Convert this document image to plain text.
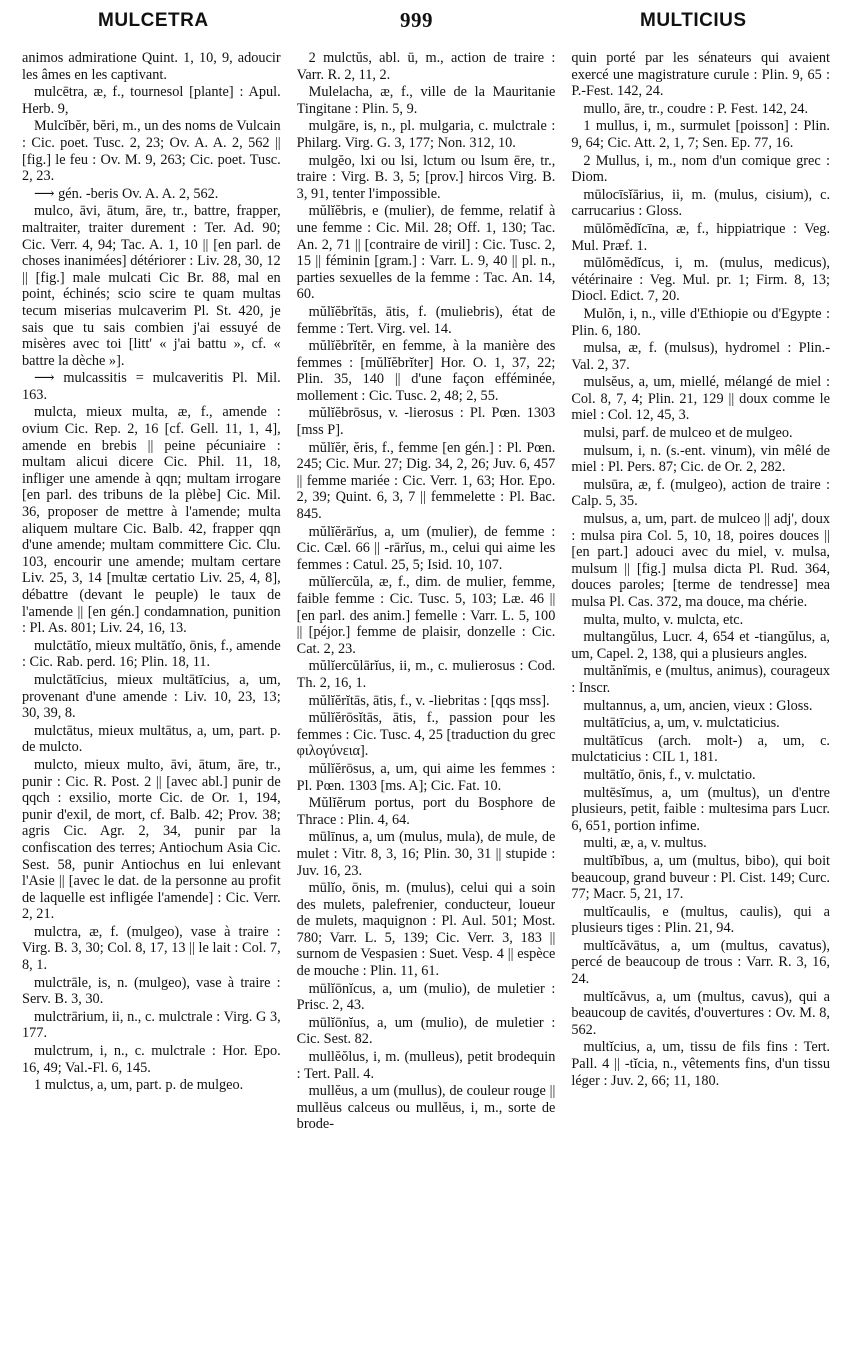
MULCETRA	999	MULTICIUS

animos admiratione Quint. 1, 10, 9, adoucir les âmes en les captivant.

mulcētra, æ, f., tournesol [plante] : Apul. Herb. 9,

Mulcĭbĕr, bĕri, m., un des noms de Vulcain : Cic. poet. Tusc. 2, 23; Ov. A. A. 2, 562 || [fig.] le feu : Ov. M. 9, 263; Cic. poet. Tusc. 2, 23.

⟶ gén. -beris Ov. A. A. 2, 562.

mulco, āvi, ātum, āre, tr., battre, frapper, maltraiter, traiter durement : Ter. Ad. 90; Cic. Verr. 4, 94; Tac. A. 1, 10 || [en parl. de choses inanimées] détériorer : Liv. 28, 30, 12 || [fig.] male mulcati Cic Br. 88, mal en point, échinés; scio scire te quam multas tecum miserias mulcaverim Pl. St. 420, je sais que tu sais combien j'ai essuyé de misères avec toi [litt' « j'ai battu », cf. « battre la dèche »].

⟶ mulcassitis = mulcaveritis Pl. Mil. 163.

mulcta, mieux multa, æ, f., amende : ovium Cic. Rep. 2, 16 [cf. Gell. 11, 1, 4], amende en brebis || peine pécuniaire : multam alicui dicere Cic. Phil. 11, 18, infliger une amende à qqn; multam irrogare [en parl. des tribuns de la plèbe] Cic. Mil. 36, proposer de mettre à l'amende; multa aliquem multare Cic. Balb. 42, frapper qqn d'une amende; multam committere Cic. Clu. 103, encourir une amende; multam certare Liv. 25, 3, 14 [multæ certatio Liv. 25, 4, 8], débattre (devant le peuple) le taux de l'amende || [en gén.] condamnation, punition : Pl. As. 801; Liv. 24, 16, 13.

mulctātĭo, mieux multātĭo, ōnis, f., amende : Cic. Rab. perd. 16; Plin. 18, 11.

mulctātīcius, mieux multātīcius, a, um, provenant d'une amende : Liv. 10, 23, 13; 30, 39, 8.

mulctātus, mieux multātus, a, um, part. p. de mulcto.

mulcto, mieux multo, āvi, ātum, āre, tr., punir : Cic. R. Post. 2 || [avec abl.] punir de qqch : exsilio, morte Cic. de Or. 1, 194, punir d'exil, de mort, cf. Balb. 42; Prov. 38; agris Cic. Agr. 2, 34, punir par la confiscation des terres; Antiochum Asia Cic. Sest. 58, punir Antiochus en lui enlevant l'Asie || [avec le dat. de la personne au profit de laquelle est infligée l'amende] : Cic. Verr. 2, 21.

mulctra, æ, f. (mulgeo), vase à traire : Virg. B. 3, 30; Col. 8, 17, 13 || le lait : Col. 7, 8, 1.

mulctrāle, is, n. (mulgeo), vase à traire : Serv. B. 3, 30.

mulctrārium, ii, n., c. mulctrale : Virg. G 3, 177.

mulctrum, i, n., c. mulctrale : Hor. Epo. 16, 49; Val.-Fl. 6, 145.

1 mulctus, a, um, part. p. de mulgeo.

2 mulctŭs, abl. ū, m., action de traire : Varr. R. 2, 11, 2.

Mulelacha, æ, f., ville de la Mauritanie Tingitane : Plin. 5, 9.

mulgāre, is, n., pl. mulgaria, c. mulctrale : Philarg. Virg. G. 3, 177; Non. 312, 10.

mulgĕo, lxi ou lsi, lctum ou lsum ēre, tr., traire : Virg. B. 3, 5; [prov.] hircos Virg. B. 3, 91, tenter l'impossible.

mŭlĭĕbris, e (mulier), de femme, relatif à une femme : Cic. Mil. 28; Off. 1, 130; Tac. An. 2, 71 || [contraire de viril] : Cic. Tusc. 2, 15 || féminin [gram.] : Varr. L. 9, 40 || pl. n., parties sexuelles de la femme : Tac. An. 14, 60.

mŭlĭĕbrĭtās, ātis, f. (muliebris), état de femme : Tert. Virg. vel. 14.

mŭlĭĕbrĭtĕr, en femme, à la manière des femmes : [mŭlĭĕbrĭter] Hor. O. 1, 37, 22; Plin. 35, 140 || d'une façon efféminée, mollement : Cic. Tusc. 2, 48; 2, 55.

mŭlĭĕbrōsus, v. -lierosus : Pl. Pœn. 1303 [mss P].

mŭlĭĕr, ĕris, f., femme [en gén.] : Pl. Pœn. 245; Cic. Mur. 27; Dig. 34, 2, 26; Juv. 6, 457 || femme mariée : Cic. Verr. 1, 63; Hor. Epo. 2, 39; Quint. 6, 3, 7 || femmelette : Pl. Bac. 845.

mŭlĭĕrārĭus, a, um (mulier), de femme : Cic. Cæl. 66 || -rārĭus, m., celui qui aime les femmes : Catul. 25, 5; Isid. 10, 107.

mŭlĭercŭla, æ, f., dim. de mulier, femme, faible femme : Cic. Tusc. 5, 103; Læ. 46 || [en parl. des anim.] femelle : Varr. L. 5, 100 || [péjor.] femme de plaisir, donzelle : Cic. Cat. 2, 23.

mŭlĭercŭlārĭus, ii, m., c. mulierosus : Cod. Th. 2, 16, 1.

mŭlĭĕrĭtās, ātis, f., v. -liebritas : [qqs mss].

mŭlĭĕrōsĭtās, ātis, f., passion pour les femmes : Cic. Tusc. 4, 25 [traduction du grec φιλογύνεια].

mŭlĭĕrōsus, a, um, qui aime les femmes : Pl. Pœn. 1303 [ms. A]; Cic. Fat. 10.

Mŭlĭĕrum portus, port du Bosphore de Thrace : Plin. 4, 64.

mūlīnus, a, um (mulus, mula), de mule, de mulet : Vitr. 8, 3, 16; Plin. 30, 31 || stupide : Juv. 16, 23.

mūlĭo, ōnis, m. (mulus), celui qui a soin des mulets, palefrenier, conducteur, loueur de mulets, maquignon : Pl. Aul. 501; Most. 780; Varr. L. 5, 139; Cic. Verr. 3, 183 || surnom de Vespasien : Suet. Vesp. 4 || espèce de mouche : Plin. 11, 61.

mūlĭōnĭcus, a, um (mulio), de muletier : Prisc. 2, 43.

mūlĭōnĭus, a, um (mulio), de muletier : Cic. Sest. 82.

mullĕŏlus, i, m. (mulleus), petit brodequin : Tert. Pall. 4.

mullĕus, a um (mullus), de couleur rouge || mullĕus calceus ou mullĕus, i, m., sorte de brode-

quin porté par les sénateurs qui avaient exercé une magistrature curule : Plin. 9, 65 : P.-Fest. 142, 24.

mullo, āre, tr., coudre : P. Fest. 142, 24.

1 mullus, i, m., surmulet [poisson] : Plin. 9, 64; Cic. Att. 2, 1, 7; Sen. Ep. 77, 16.

2 Mullus, i, m., nom d'un comique grec : Diom.

mūlocīsĭārius, ii, m. (mulus, cisium), c. carrucarius : Gloss.

mūlŏmĕdĭcīna, æ, f., hippiatrique : Veg. Mul. Præf. 1.

mūlŏmĕdĭcus, i, m. (mulus, medicus), vétérinaire : Veg. Mul. pr. 1; Firm. 8, 13; Diocl. Edict. 7, 20.

Mulŏn, i, n., ville d'Ethiopie ou d'Egypte : Plin. 6, 180.

mulsa, æ, f. (mulsus), hydromel : Plin.-Val. 2, 37.

mulsĕus, a, um, miellé, mélangé de miel : Col. 8, 7, 4; Plin. 21, 129 || doux comme le miel : Col. 12, 45, 3.

mulsi, parf. de mulceo et de mulgeo.

mulsum, i, n. (s.-ent. vinum), vin mêlé de miel : Pl. Pers. 87; Cic. de Or. 2, 282.

mulsūra, æ, f. (mulgeo), action de traire : Calp. 5, 35.

mulsus, a, um, part. de mulceo || adj', doux : mulsa pira Col. 5, 10, 18, poires douces || [en part.] adouci avec du miel, v. mulsa, mulsum || [fig.] mulsa dicta Pl. Rud. 364, douces paroles; [terme de tendresse] mea mulsa Pl. Cas. 372, ma douce, ma chérie.

multa, multo, v. mulcta, etc.

multangŭlus, Lucr. 4, 654 et -tiangŭlus, a, um, Capel. 2, 138, qui a plusieurs angles.

multănĭmis, e (multus, animus), courageux : Inscr.

multannus, a, um, ancien, vieux : Gloss.

multātīcius, a, um, v. mulctaticius.

multātīcus (arch. molt-) a, um, c. mulctaticius : CIL 1, 181.

multātĭo, ōnis, f., v. mulctatio.

multēsĭmus, a, um (multus), un d'entre plusieurs, petit, faible : multesima pars Lucr. 6, 651, portion infime.

multi, æ, a, v. multus.

multĭbĭbus, a, um (multus, bibo), qui boit beaucoup, grand buveur : Pl. Cist. 149; Curc. 77; Macr. 5, 21, 17.

multĭcaulis, e (multus, caulis), qui a plusieurs tiges : Plin. 21, 94.

multĭcăvātus, a, um (multus, cavatus), percé de beaucoup de trous : Varr. R. 3, 16, 24.

multĭcăvus, a, um (multus, cavus), qui a beaucoup de cavités, d'ouvertures : Ov. M. 8, 562.

multĭcius, a, um, tissu de fils fins : Tert. Pall. 4 || -tĭcia, n., vêtements fins, d'un tissu léger : Juv. 2, 66; 11, 180.
